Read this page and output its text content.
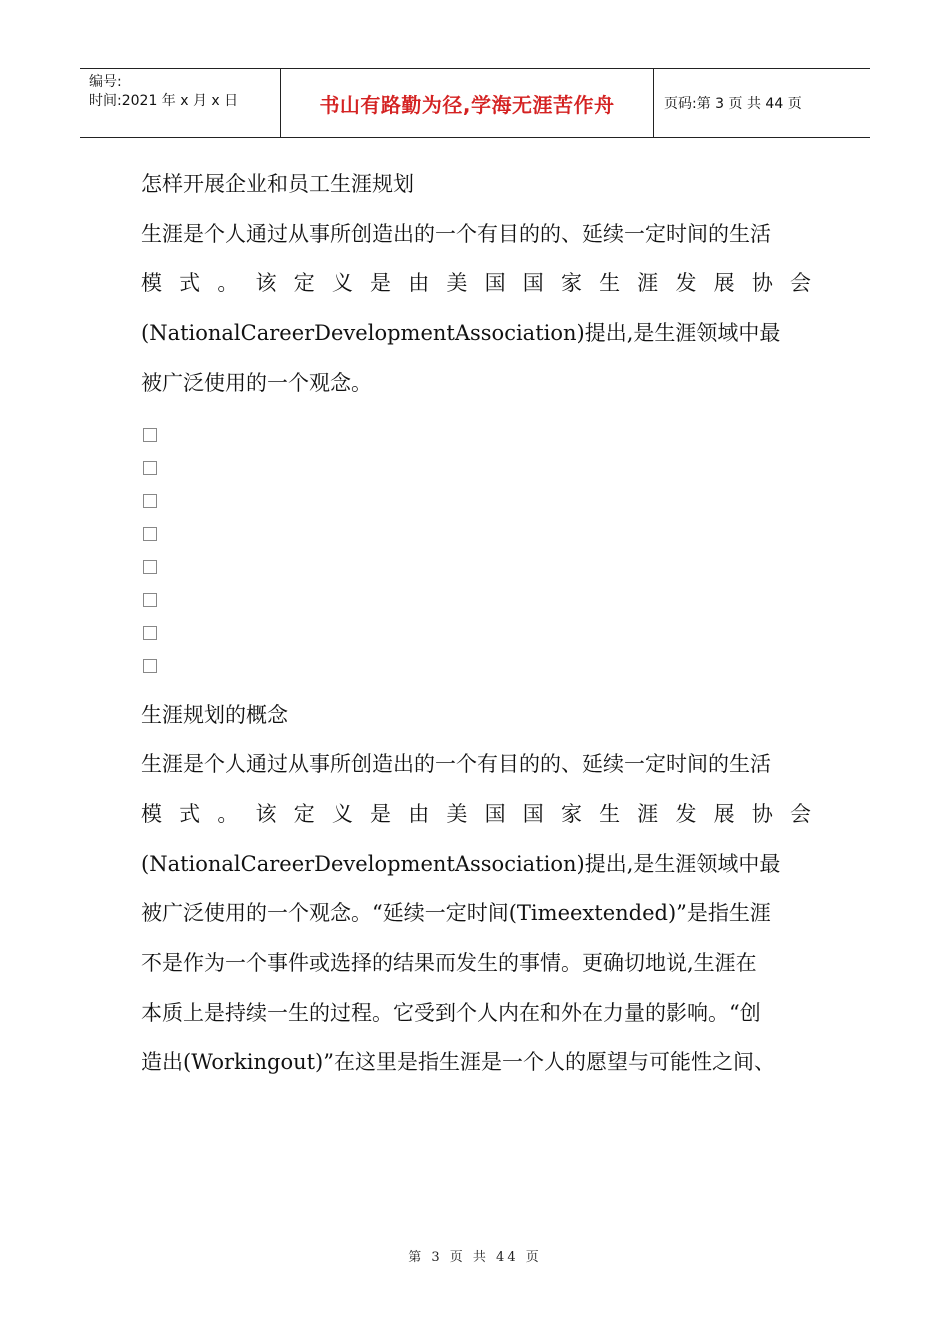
编号:
时间:2021 年 x 月 x 日	书山有路勤为径,学海无涯苦作舟	页码:第 3 页 共 44 页

怎样开展企业和员工生涯规划

生涯是个人通过从事所创造出的一个有目的的、延续一定时间的生活

模式。该定义是由美国国家生涯发展协会

(NationalCareerDevelopmentAssociation)提出,是生涯领域中最

被广泛使用的一个观念。

生涯规划的概念

生涯是个人通过从事所创造出的一个有目的的、延续一定时间的生活

模式。该定义是由美国国家生涯发展协会

(NationalCareerDevelopmentAssociation)提出,是生涯领域中最

被广泛使用的一个观念。“延续一定时间(Timeextended)”是指生涯

不是作为一个事件或选择的结果而发生的事情。更确切地说,生涯在

本质上是持续一生的过程。它受到个人内在和外在力量的影响。“创

造出(Workingout)”在这里是指生涯是一个人的愿望与可能性之间、

第 3 页 共 44 页
